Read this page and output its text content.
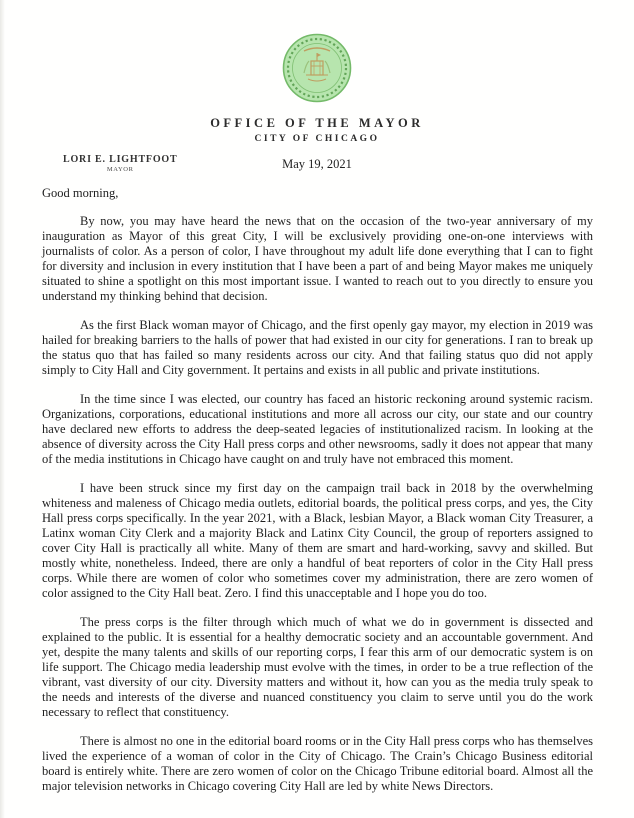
OFFICE OF THE MAYOR
CITY OF CHICAGO
LORI E. LIGHTFOOT
MAYOR	May 19, 2021

Good morning,

By now, you may have heard the news that on the occasion of the two-year anniversary of my inauguration as Mayor of this great City, I will be exclusively providing one-on-one interviews with journalists of color. As a person of color, I have throughout my adult life done everything that I can to fight for diversity and inclusion in every institution that I have been a part of and being Mayor makes me uniquely situated to shine a spotlight on this most important issue. I wanted to reach out to you directly to ensure you understand my thinking behind that decision.

As the first Black woman mayor of Chicago, and the first openly gay mayor, my election in 2019 was hailed for breaking barriers to the halls of power that had existed in our city for generations. I ran to break up the status quo that has failed so many residents across our city. And that failing status quo did not apply simply to City Hall and City government. It pertains and exists in all public and private institutions.

In the time since I was elected, our country has faced an historic reckoning around systemic racism. Organizations, corporations, educational institutions and more all across our city, our state and our country have declared new efforts to address the deep-seated legacies of institutionalized racism. In looking at the absence of diversity across the City Hall press corps and other newsrooms, sadly it does not appear that many of the media institutions in Chicago have caught on and truly have not embraced this moment.

I have been struck since my first day on the campaign trail back in 2018 by the overwhelming whiteness and maleness of Chicago media outlets, editorial boards, the political press corps, and yes, the City Hall press corps specifically. In the year 2021, with a Black, lesbian Mayor, a Black woman City Treasurer, a Latinx woman City Clerk and a majority Black and Latinx City Council, the group of reporters assigned to cover City Hall is practically all white. Many of them are smart and hard-working, savvy and skilled. But mostly white, nonetheless. Indeed, there are only a handful of beat reporters of color in the City Hall press corps. While there are women of color who sometimes cover my administration, there are zero women of color assigned to the City Hall beat. Zero. I find this unacceptable and I hope you do too.

The press corps is the filter through which much of what we do in government is dissected and explained to the public. It is essential for a healthy democratic society and an accountable government. And yet, despite the many talents and skills of our reporting corps, I fear this arm of our democratic system is on life support. The Chicago media leadership must evolve with the times, in order to be a true reflection of the vibrant, vast diversity of our city. Diversity matters and without it, how can you as the media truly speak to the needs and interests of the diverse and nuanced constituency you claim to serve until you do the work necessary to reflect that constituency.

There is almost no one in the editorial board rooms or in the City Hall press corps who has themselves lived the experience of a woman of color in the City of Chicago. The Crain’s Chicago Business editorial board is entirely white. There are zero women of color on the Chicago Tribune editorial board. Almost all the major television networks in Chicago covering City Hall are led by white News Directors.
